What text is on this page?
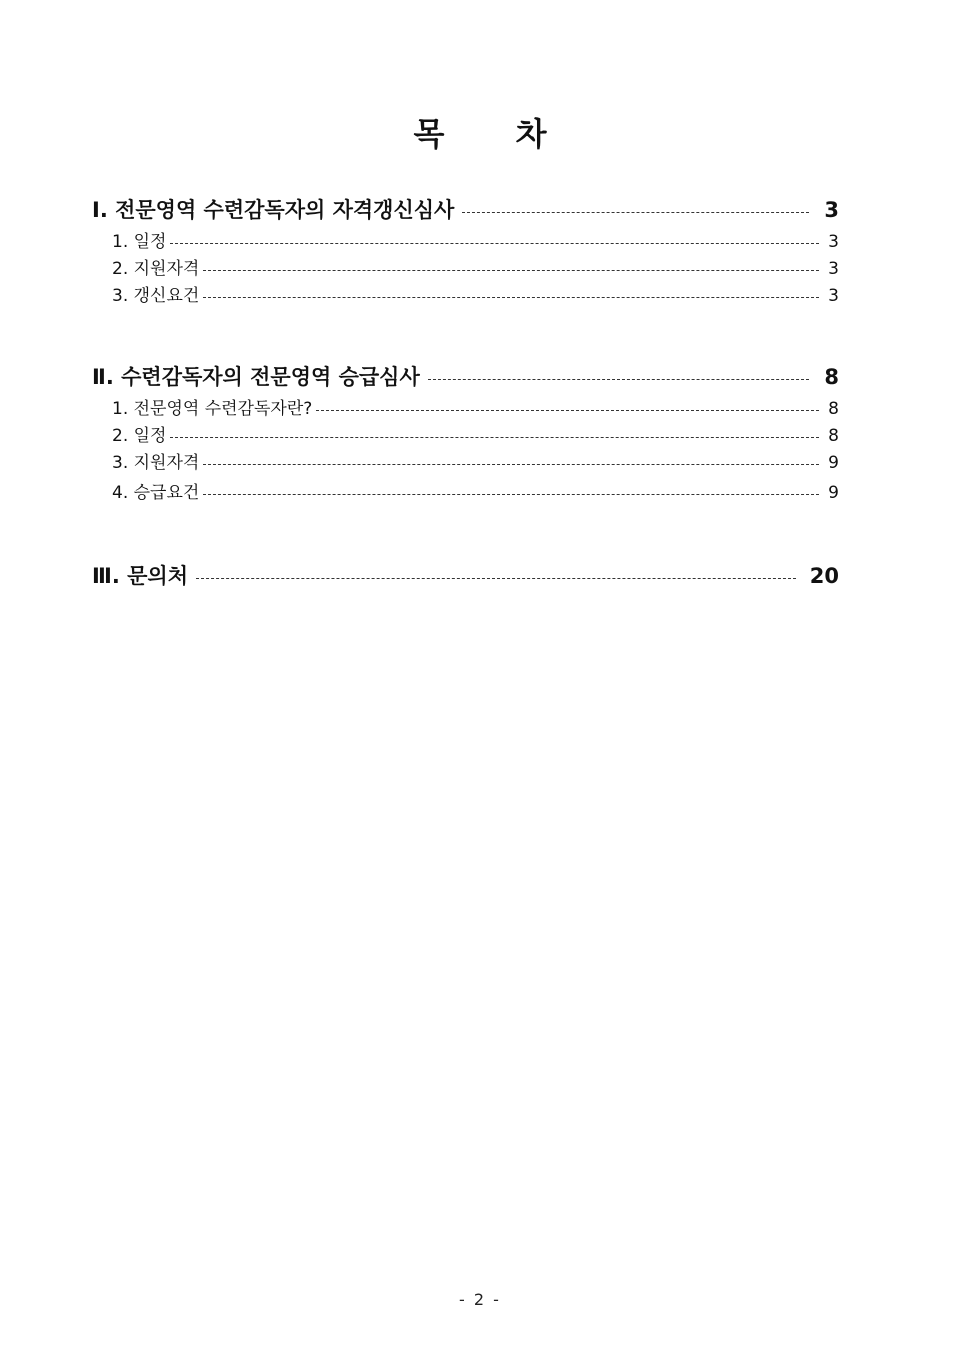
목 차
Ⅰ. 전문영역 수련감독자의 자격갱신심사	3
1. 일정	3
2. 지원자격	3
3. 갱신요건	3
Ⅱ. 수련감독자의 전문영역 승급심사	8
1. 전문영역 수련감독자란?	8
2. 일정	8
3. 지원자격	9
4. 승급요건	9
Ⅲ. 문의처	20
- 2 -
